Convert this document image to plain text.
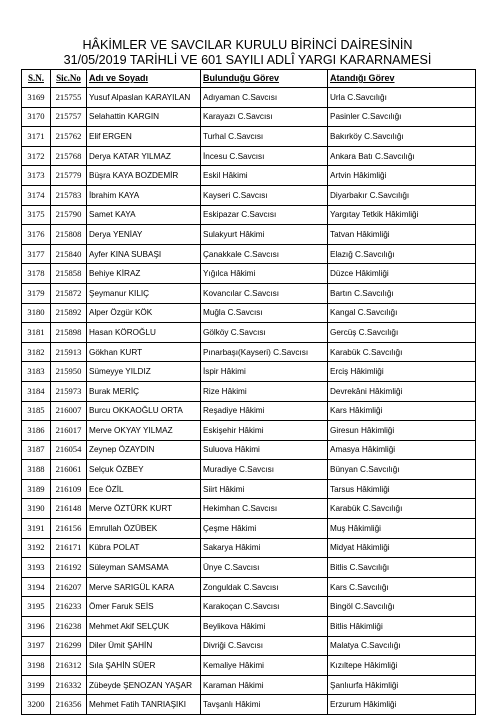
HÂKİMLER VE SAVCILAR KURULU BİRİNCİ DAİRESİNİN
31/05/2019 TARİHLİ VE 601 SAYILI ADLÎ YARGI KARARNAMESİ
S.N.	Sic.No	Adı ve Soyadı	Bulunduğu Görev	Atandığı Görev
3169	215755	Yusuf Alpaslan KARAYILAN	Adıyaman C.Savcısı	Urla C.Savcılığı
3170	215757	Selahattin KARGIN	Karayazı C.Savcısı	Pasinler C.Savcılığı
3171	215762	Elif ERGEN	Turhal C.Savcısı	Bakırköy C.Savcılığı
3172	215768	Derya KATAR YILMAZ	İncesu C.Savcısı	Ankara Batı C.Savcılığı
3173	215779	Büşra KAYA BOZDEMİR	Eskil Hâkimi	Artvin Hâkimliği
3174	215783	İbrahim KAYA	Kayseri C.Savcısı	Diyarbakır C.Savcılığı
3175	215790	Samet KAYA	Eskipazar C.Savcısı	Yargıtay Tetkik Hâkimliği
3176	215808	Derya YENİAY	Sulakyurt Hâkimi	Tatvan Hâkimliği
3177	215840	Ayfer KINA SUBAŞI	Çanakkale C.Savcısı	Elazığ C.Savcılığı
3178	215858	Behiye KİRAZ	Yığılca Hâkimi	Düzce Hâkimliği
3179	215872	Şeymanur KILIÇ	Kovancılar C.Savcısı	Bartın C.Savcılığı
3180	215892	Alper Özgür KÖK	Muğla C.Savcısı	Kangal C.Savcılığı
3181	215898	Hasan KÖROĞLU	Gölköy C.Savcısı	Gercüş C.Savcılığı
3182	215913	Gökhan KURT	Pınarbaşı(Kayseri) C.Savcısı	Karabük C.Savcılığı
3183	215950	Sümeyye YILDIZ	İspir Hâkimi	Erciş Hâkimliği
3184	215973	Burak MERİÇ	Rize Hâkimi	Devrekâni Hâkimliği
3185	216007	Burcu OKKAOĞLU ORTA	Reşadiye Hâkimi	Kars Hâkimliği
3186	216017	Merve OKYAY YILMAZ	Eskişehir Hâkimi	Giresun Hâkimliği
3187	216054	Zeynep ÖZAYDIN	Suluova Hâkimi	Amasya Hâkimliği
3188	216061	Selçuk ÖZBEY	Muradiye C.Savcısı	Bünyan C.Savcılığı
3189	216109	Ece ÖZİL	Siirt Hâkimi	Tarsus Hâkimliği
3190	216148	Merve ÖZTÜRK KURT	Hekimhan C.Savcısı	Karabük C.Savcılığı
3191	216156	Emrullah ÖZÜBEK	Çeşme Hâkimi	Muş Hâkimliği
3192	216171	Kübra POLAT	Sakarya Hâkimi	Midyat Hâkimliği
3193	216192	Süleyman SAMSAMA	Ünye C.Savcısı	Bitlis C.Savcılığı
3194	216207	Merve SARIGÜL KARA	Zonguldak C.Savcısı	Kars C.Savcılığı
3195	216233	Ömer Faruk SEİS	Karakoçan C.Savcısı	Bingöl C.Savcılığı
3196	216238	Mehmet Akif SELÇUK	Beylikova Hâkimi	Bitlis Hâkimliği
3197	216299	Diler Ümit ŞAHİN	Divriği C.Savcısı	Malatya C.Savcılığı
3198	216312	Sıla ŞAHİN SÜER	Kemaliye Hâkimi	Kızıltepe Hâkimliği
3199	216332	Zübeyde ŞENOZAN YAŞAR	Karaman Hâkimi	Şanlıurfa Hâkimliği
3200	216356	Mehmet Fatih TANRIAŞIKI	Tavşanlı Hâkimi	Erzurum Hâkimliği
